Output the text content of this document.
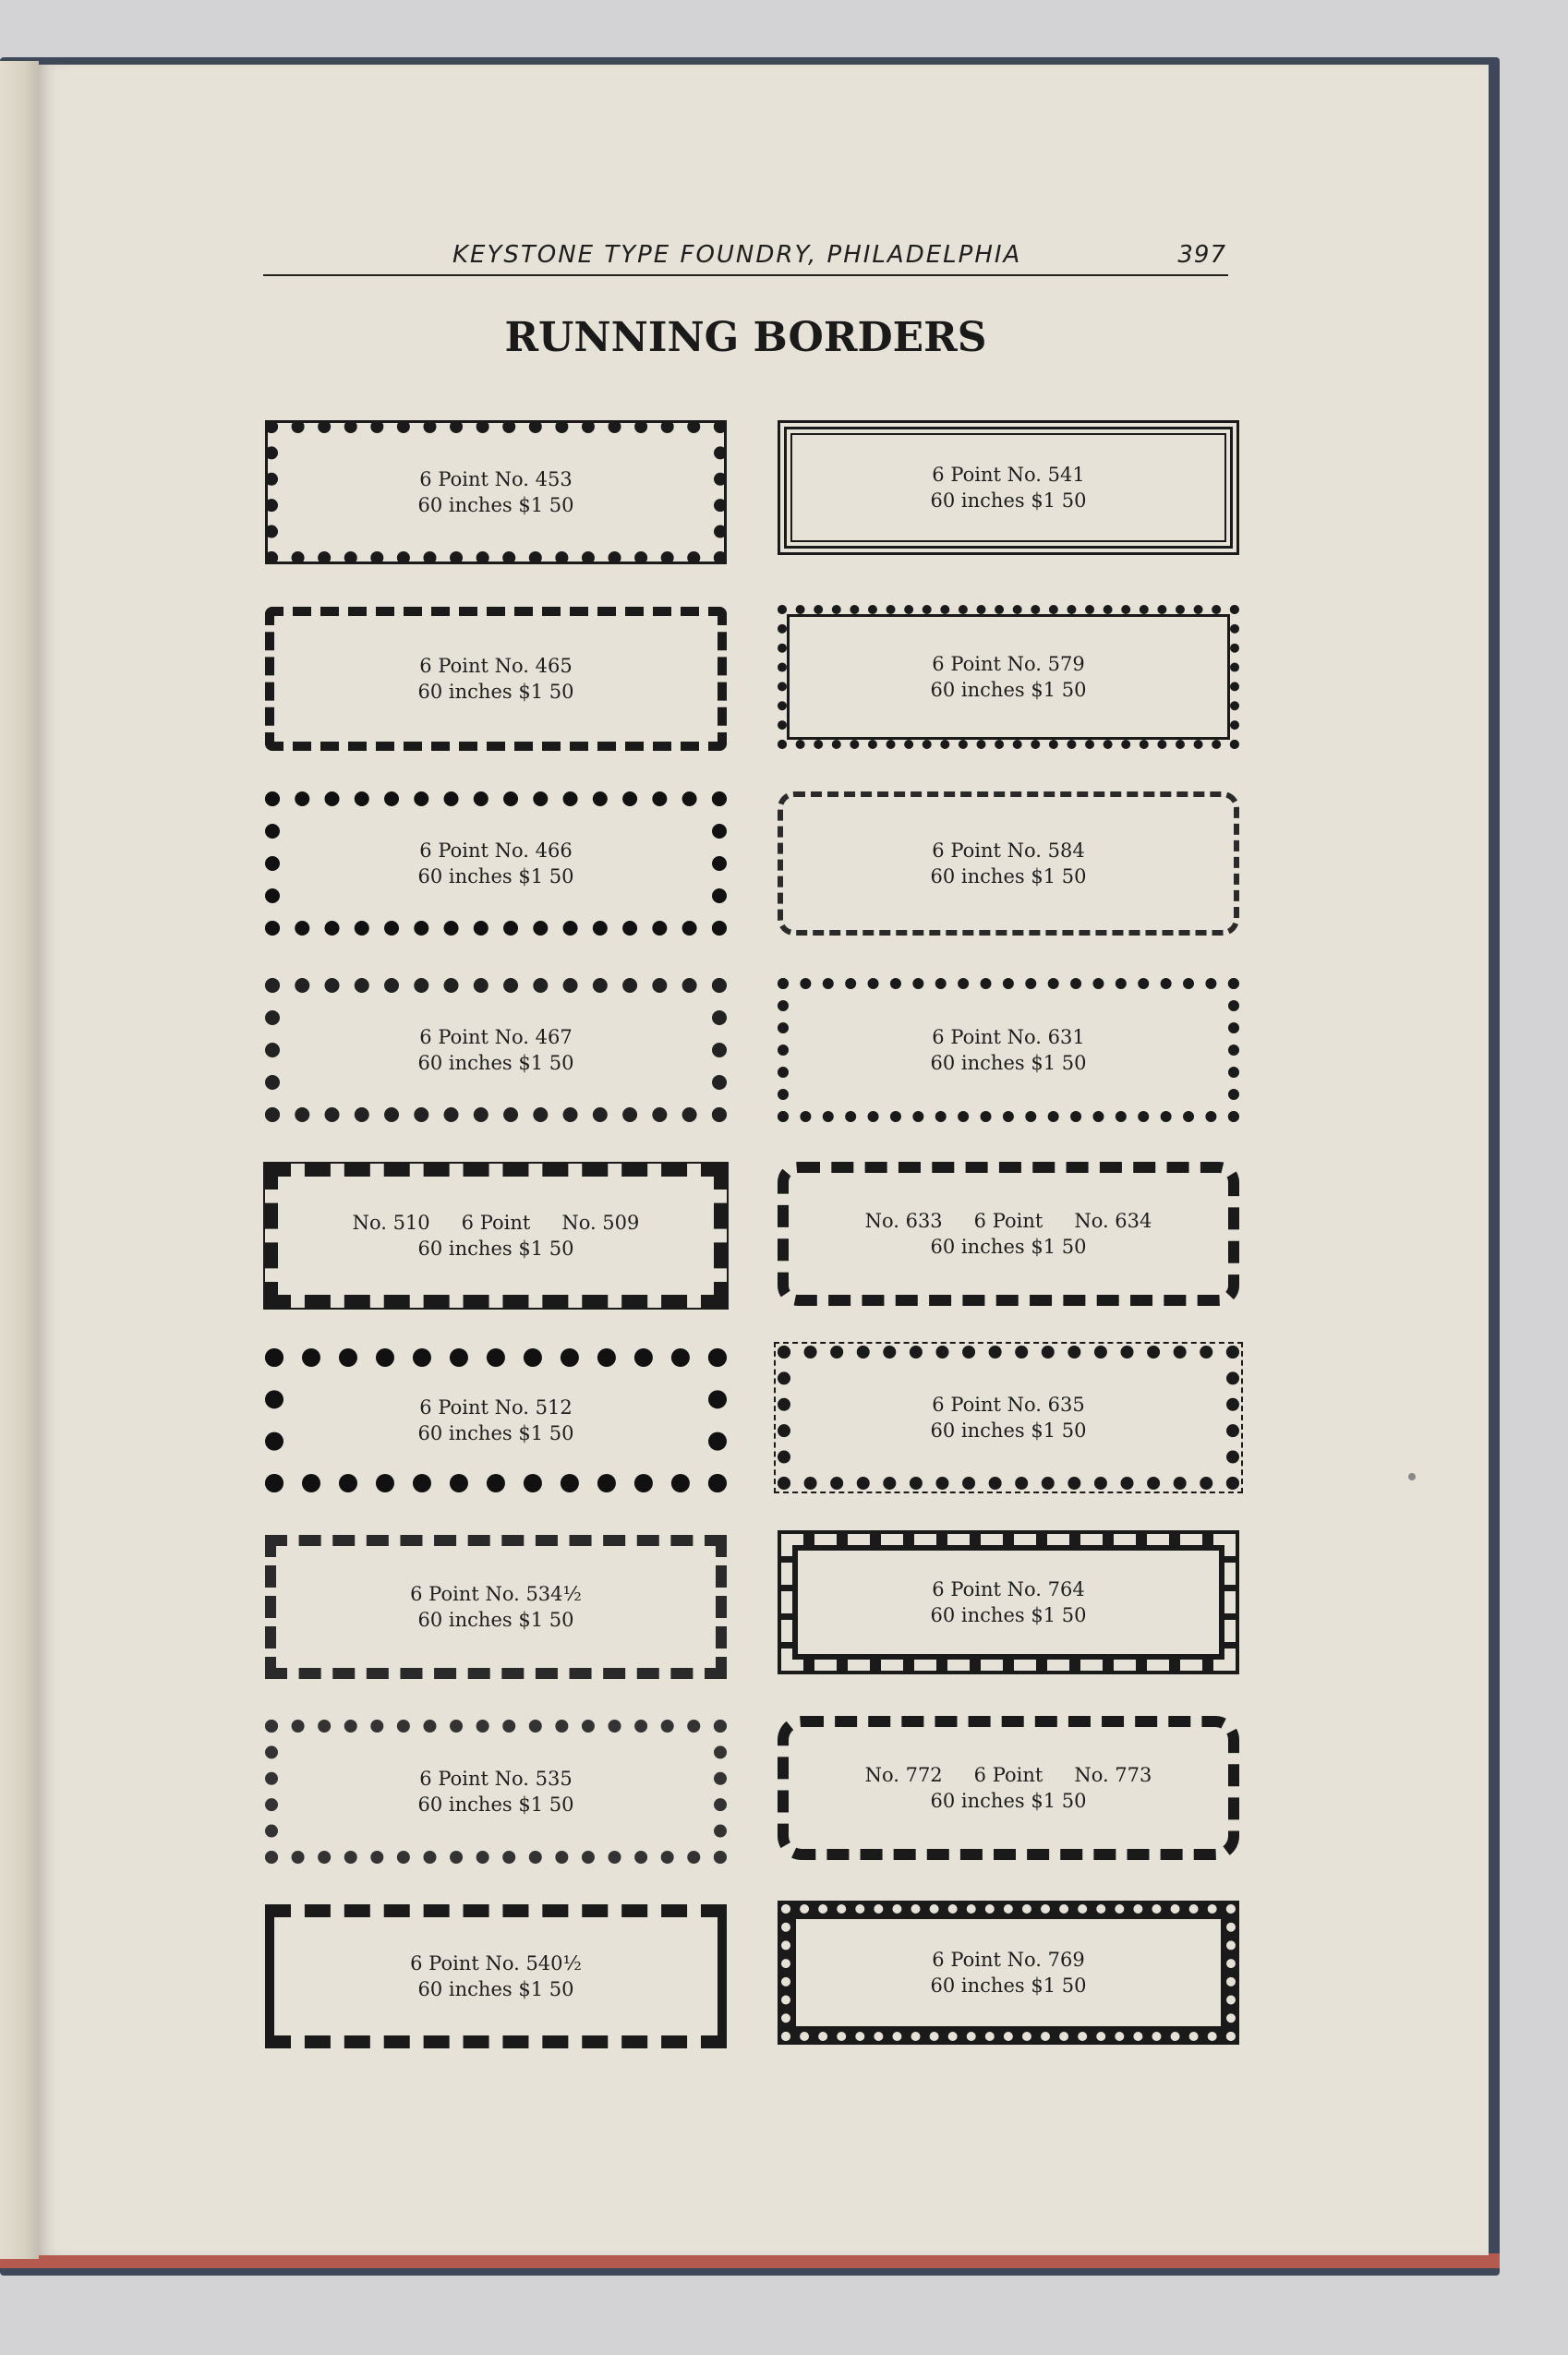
KEYSTONE TYPE FOUNDRY, PHILADELPHIA	397
RUNNING BORDERS
6 Point No. 453
60 inches $1 50
6 Point No. 541
60 inches $1 50
6 Point No. 465
60 inches $1 50
6 Point No. 579
60 inches $1 50
6 Point No. 466
60 inches $1 50
6 Point No. 584
60 inches $1 50
6 Point No. 467
60 inches $1 50
6 Point No. 631
60 inches $1 50
No. 510 6 Point No. 509
60 inches $1 50
No. 633 6 Point No. 634
60 inches $1 50
6 Point No. 512
60 inches $1 50
6 Point No. 635
60 inches $1 50
6 Point No. 534½
60 inches $1 50
6 Point No. 764
60 inches $1 50
6 Point No. 535
60 inches $1 50
No. 772 6 Point No. 773
60 inches $1 50
6 Point No. 540½
60 inches $1 50
6 Point No. 769
60 inches $1 50
